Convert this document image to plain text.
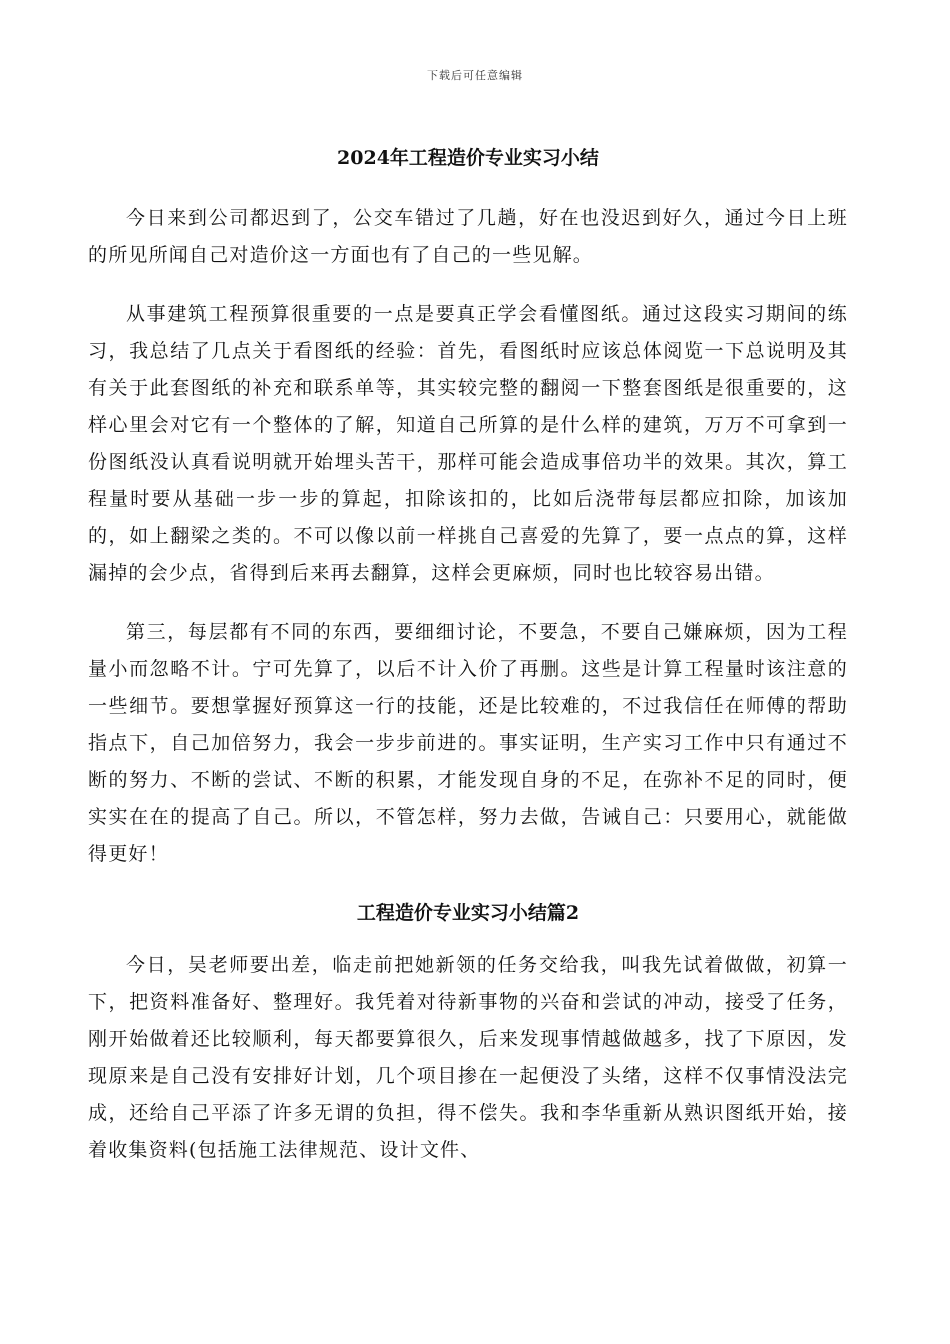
下载后可任意编辑
2024年工程造价专业实习小结

今日来到公司都迟到了，公交车错过了几趟，好在也没迟到好久，通过今日上班的所见所闻自己对造价这一方面也有了自己的一些见解。

从事建筑工程预算很重要的一点是要真正学会看懂图纸。通过这段实习期间的练习，我总结了几点关于看图纸的经验：首先，看图纸时应该总体阅览一下总说明及其有关于此套图纸的补充和联系单等，其实较完整的翻阅一下整套图纸是很重要的，这样心里会对它有一个整体的了解，知道自己所算的是什么样的建筑，万万不可拿到一份图纸没认真看说明就开始埋头苦干，那样可能会造成事倍功半的效果。其次，算工程量时要从基础一步一步的算起，扣除该扣的，比如后浇带每层都应扣除，加该加的，如上翻梁之类的。不可以像以前一样挑自己喜爱的先算了，要一点点的算，这样漏掉的会少点，省得到后来再去翻算，这样会更麻烦，同时也比较容易出错。

第三，每层都有不同的东西，要细细讨论，不要急，不要自己嫌麻烦，因为工程量小而忽略不计。宁可先算了，以后不计入价了再删。这些是计算工程量时该注意的一些细节。要想掌握好预算这一行的技能，还是比较难的，不过我信任在师傅的帮助指点下，自己加倍努力，我会一步步前进的。事实证明，生产实习工作中只有通过不断的努力、不断的尝试、不断的积累，才能发现自身的不足，在弥补不足的同时，便实实在在的提高了自己。所以，不管怎样，努力去做，告诫自己：只要用心，就能做得更好！

工程造价专业实习小结篇2

今日，吴老师要出差，临走前把她新领的任务交给我，叫我先试着做做，初算一下，把资料准备好、整理好。我凭着对待新事物的兴奋和尝试的冲动，接受了任务，刚开始做着还比较顺利，每天都要算很久，后来发现事情越做越多，找了下原因，发现原来是自己没有安排好计划，几个项目掺在一起便没了头绪，这样不仅事情没法完成，还给自己平添了许多无谓的负担，得不偿失。我和李华重新从熟识图纸开始，接着收集资料(包括施工法律规范、设计文件、
